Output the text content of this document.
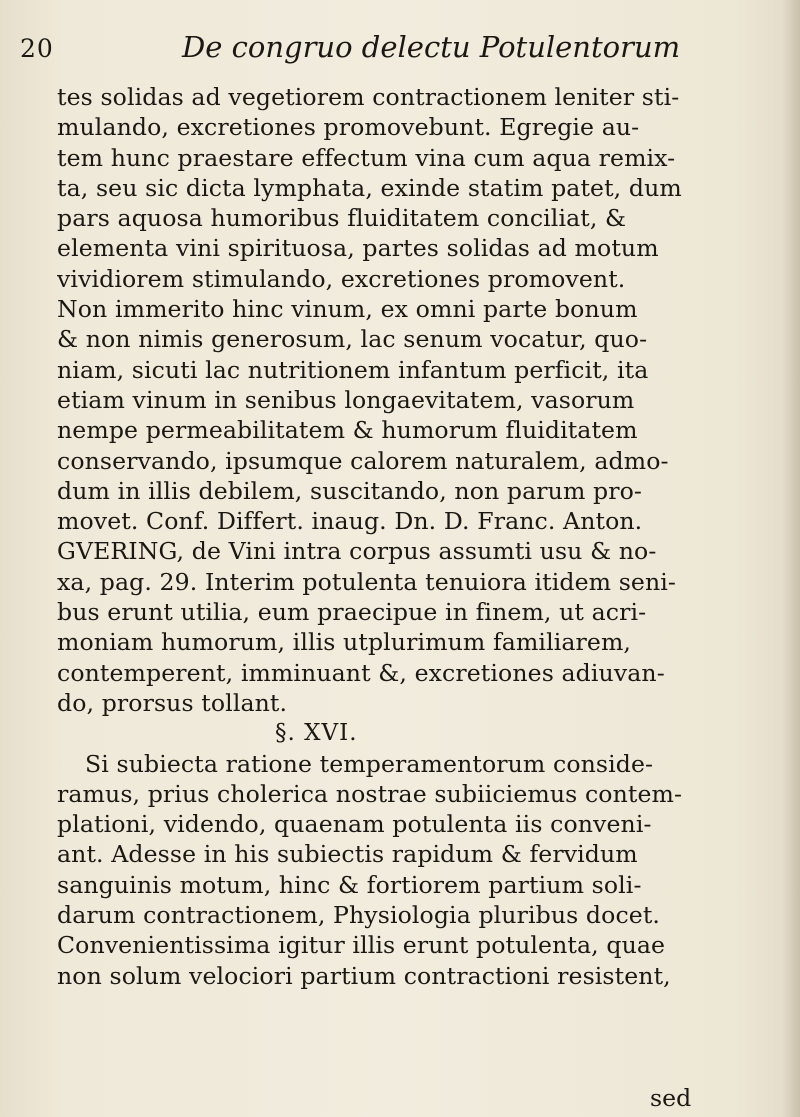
20	De congruo delectu Potulentorum
tes solidas ad vegetiorem contractionem leniter sti-
mulando, excretiones promovebunt. Egregie au-
tem hunc praestare effectum vina cum aqua remix-
ta, seu sic dicta lymphata, exinde statim patet, dum
pars aquosa humoribus fluiditatem conciliat, &
elementa vini spirituosa, partes solidas ad motum
vividiorem stimulando, excretiones promovent.
Non immerito hinc vinum, ex omni parte bonum
& non nimis generosum, lac senum vocatur, quo-
niam, sicuti lac nutritionem infantum perficit, ita
etiam vinum in senibus longaevitatem, vasorum
nempe permeabilitatem & humorum fluiditatem
conservando, ipsumque calorem naturalem, admo-
dum in illis debilem, suscitando, non parum pro-
movet. Conf. Differt. inaug. Dn. D. Franc. Anton.
GVERING, de Vini intra corpus assumti usu & no-
xa, pag. 29. Interim potulenta tenuiora itidem seni-
bus erunt utilia, eum praecipue in finem, ut acri-
moniam humorum, illis utplurimum familiarem,
contemperent, imminuant &, excretiones adiuvan-
do, prorsus tollant.
§. XVI.
Si subiecta ratione temperamentorum conside-
ramus, prius cholerica nostrae subiiciemus contem-
plationi, videndo, quaenam potulenta iis conveni-
ant. Adesse in his subiectis rapidum & fervidum
sanguinis motum, hinc & fortiorem partium soli-
darum contractionem, Physiologia pluribus docet.
Convenientissima igitur illis erunt potulenta, quae
non solum velociori partium contractioni resistent,
sed
